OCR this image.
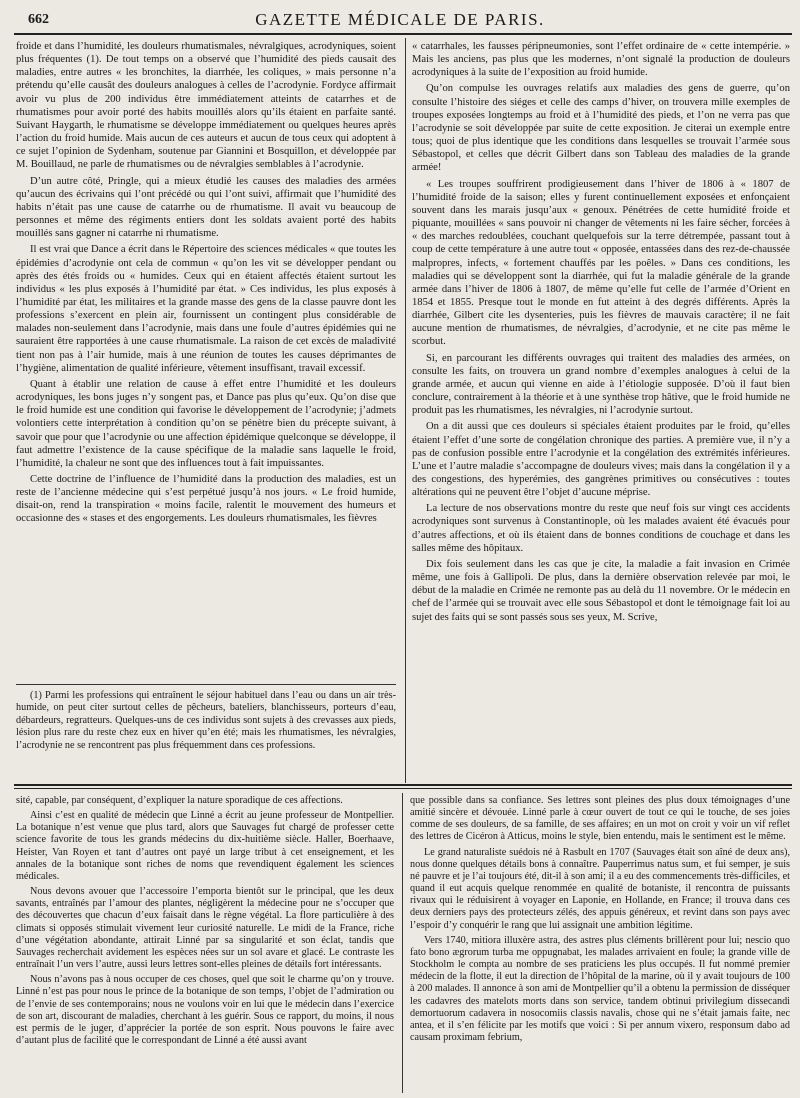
662	GAZETTE MÉDICALE DE PARIS.

froide et dans l’humidité, les douleurs rhumatismales, névralgiques, acrodyniques, soient plus fréquentes (1). De tout temps on a observé que l’humidité des pieds causait des maladies, entre autres « les bronchites, la diarrhée, les coliques, » mais personne n’a prétendu qu’elle causât des douleurs analogues à celles de l’acrodynie. Fordyce affirmait avoir vu plus de 200 individus être immédiatement atteints de catarrhes et de rhumatismes pour avoir porté des habits mouillés alors qu’ils étaient en parfaite santé. Suivant Haygarth, le rhumatisme se développe immédiatement ou quelques heures après l’action du froid humide. Mais aucun de ces auteurs et aucun de tous ceux qui adoptent à ce sujet l’opinion de Sydenham, soutenue par Giannini et Bosquillon, et développée par M. Bouillaud, ne parle de rhumatismes ou de névralgies semblables à l’acrodynie.

D’un autre côté, Pringle, qui a mieux étudié les causes des maladies des armées qu’aucun des écrivains qui l’ont précédé ou qui l’ont suivi, affirmait que l’humidité des habits n’était pas une cause de catarrhe ou de rhumatisme. Il avait vu beaucoup de personnes et même des régiments entiers dont les soldats avaient porté des habits mouillés sans gagner ni catarrhe ni rhumatisme.

Il est vrai que Dance a écrit dans le Répertoire des sciences médicales « que toutes les épidémies d’acrodynie ont cela de commun « qu’on les vit se développer pendant ou après des étés froids ou « humides. Ceux qui en étaient affectés étaient surtout les individus « les plus exposés à l’humidité par état. » Ces individus, les plus exposés à l’humidité par état, les militaires et la grande masse des gens de la classe pauvre dont les professions s’exercent en plein air, fournissent un contingent plus considérable de malades non-seulement dans l’acrodynie, mais dans une foule d’autres épidémies qui ne sauraient être rapportées à une cause rhumatismale. La raison de cet excès de maladivité tient non pas à l’air humide, mais à une réunion de toutes les causes déprimantes de l’hygiène, alimentation de qualité inférieure, vêtement insuffisant, travail excessif.

Quant à établir une relation de cause à effet entre l’humidité et les douleurs acrodyniques, les bons juges n’y songent pas, et Dance pas plus qu’eux. Qu’on dise que le froid humide est une condition qui favorise le développement de l’acrodynie; j’admets volontiers cette interprétation à condition qu’on se pénètre bien du précepte suivant, à savoir que pour que l’acrodynie ou une affection épidémique quelconque se développe, il faut admettre l’existence de la cause spécifique de la maladie sans laquelle le froid, l’humidité, la chaleur ne sont que des influences tout à fait impuissantes.

Cette doctrine de l’influence de l’humidité dans la production des maladies, est un reste de l’ancienne médecine qui s’est perpétué jusqu’à nos jours. « Le froid humide, disait-on, rend la transpiration « moins facile, ralentit le mouvement des humeurs et occasionne des « stases et des engorgements. Les douleurs rhumatismales, les fièvres

« catarrhales, les fausses péripneumonies, sont l’effet ordinaire de « cette intempérie. » Mais les anciens, pas plus que les modernes, n’ont signalé la production de douleurs acrodyniques à la suite de l’exposition au froid humide.

Qu’on compulse les ouvrages relatifs aux maladies des gens de guerre, qu’on consulte l’histoire des siéges et celle des camps d’hiver, on trouvera mille exemples de troupes exposées longtemps au froid et à l’humidité des pieds, et l’on ne verra pas que l’acrodynie se soit développée par suite de cette exposition. Je citerai un exemple entre tous; quoi de plus identique que les conditions dans lesquelles se trouvait l’armée sous Sébastopol, et celles que décrit Gilbert dans son Tableau des maladies de la grande armée!

« Les troupes souffrirent prodigieusement dans l’hiver de 1806 à « 1807 de l’humidité froide de la saison; elles y furent continuellement exposées et enfonçaient souvent dans les marais jusqu’aux « genoux. Pénétrées de cette humidité froide et piquante, mouillées « sans pouvoir ni changer de vêtements ni les faire sécher, forcées à « des marches redoublées, couchant quelquefois sur la terre détrempée, passant tout à coup de cette température à une autre tout « opposée, entassées dans des rez-de-chaussée malpropres, infects, « fortement chauffés par les poêles. » Dans ces conditions, les maladies qui se développent sont la diarrhée, qui fut la maladie générale de la grande armée dans l’hiver de 1806 à 1807, de même qu’elle fut celle de l’armée d’Orient en 1854 et 1855. Presque tout le monde en fut atteint à des degrés différents. Après la diarrhée, Gilbert cite les dysenteries, puis les fièvres de mauvais caractère; il ne fait aucune mention de rhumatismes, de névralgies, d’acrodynie, et ne cite pas même le scorbut.

Si, en parcourant les différents ouvrages qui traitent des maladies des armées, on consulte les faits, on trouvera un grand nombre d’exemples analogues à celui de la grande armée, et aucun qui vienne en aide à l’étiologie supposée. D’où il faut bien conclure, contrairement à la théorie et à une synthèse trop hâtive, que le froid humide ne produit pas les rhumatismes, les névralgies, ni l’acrodynie surtout.

On a dit aussi que ces douleurs si spéciales étaient produites par le froid, qu’elles étaient l’effet d’une sorte de congélation chronique des parties. A première vue, il n’y a pas de confusion possible entre l’acrodynie et la congélation des extrémités inférieures. L’une et l’autre maladie s’accompagne de douleurs vives; mais dans la congélation il y a des congestions, des hyperémies, des gangrènes primitives ou consécutives : toutes altérations qui ne peuvent être l’objet d’aucune méprise.

La lecture de nos observations montre du reste que neuf fois sur vingt ces accidents acrodyniques sont survenus à Constantinople, où les malades avaient été évacués pour d’autres affections, et où ils étaient dans de bonnes conditions de couchage et dans les salles même des hôpitaux.

Dix fois seulement dans les cas que je cite, la maladie a fait invasion en Crimée même, une fois à Gallipoli. De plus, dans la dernière observation relevée par moi, le début de la maladie en Crimée ne remonte pas au delà du 11 novembre. Or le médecin en chef de l’armée qui se trouvait avec elle sous Sébastopol et dont le témoignage fait loi au sujet des faits qui se sont passés sous ses yeux, M. Scrive,

(1) Parmi les professions qui entraînent le séjour habituel dans l’eau ou dans un air très-humide, on peut citer surtout celles de pêcheurs, bateliers, blanchisseurs, porteurs d’eau, débardeurs, regratteurs. Quelques-uns de ces individus sont sujets à des crevasses aux pieds, lésion plus rare du reste chez eux en hiver qu’en été; mais les rhumatismes, les névralgies, l’acrodynie ne se rencontrent pas plus fréquemment dans ces professions.

sité, capable, par conséquent, d’expliquer la nature sporadique de ces affections.

Ainsi c’est en qualité de médecin que Linné a écrit au jeune professeur de Montpellier. La botanique n’est venue que plus tard, alors que Sauvages fut chargé de professer cette science favorite de tous les grands médecins du dix-huitième siècle. Haller, Boerhaave, Heister, Van Royen et tant d’autres ont payé un large tribut à cet enseignement, et les annales de la botanique sont riches de noms que revendiquent également les sciences médicales.

Nous devons avouer que l’accessoire l’emporta bientôt sur le principal, que les deux savants, entraînés par l’amour des plantes, négligèrent la médecine pour ne s’occuper que des découvertes que chacun d’eux faisait dans le règne végétal. La flore particulière à des climats si opposés stimulait vivement leur curiosité naturelle. Le midi de la France, riche d’une végétation abondante, attirait Linné par sa singularité et son éclat, tandis que Sauvages recherchait avidement les espèces nées sur un sol avare et glacé. Le contraste les entraînait l’un vers l’autre, aussi leurs lettres sont-elles pleines de détails fort intéressants.

Nous n’avons pas à nous occuper de ces choses, quel que soit le charme qu’on y trouve. Linné n’est pas pour nous le prince de la botanique de son temps, l’objet de l’admiration ou de l’envie de ses contemporains; nous ne voulons voir en lui que le médecin dans l’exercice de son art, discourant de maladies, cherchant à les guérir. Sous ce rapport, du moins, il nous est permis de le juger, d’apprécier la portée de son esprit. Nous pouvons le faire avec d’autant plus de facilité que le correspondant de Linné a été aussi avant

que possible dans sa confiance. Ses lettres sont pleines des plus doux témoignages d’une amitié sincère et dévouée. Linné parle à cœur ouvert de tout ce qui le touche, de ses joies comme de ses douleurs, de sa famille, de ses affaires; en un mot on croit y voir un vif reflet des lettres de Cicéron à Atticus, moins le style, bien entendu, mais le sentiment est le même.

Le grand naturaliste suédois né à Rasbult en 1707 (Sauvages était son aîné de deux ans), nous donne quelques détails bons à connaître. Pauperrimus natus sum, et fui semper, je suis né pauvre et je l’ai toujours été, dit-il à son ami; il a eu des commencements très-difficiles, et quand il eut acquis quelque renommée en qualité de botaniste, il rencontra de puissants rivaux qui le réduisirent à voyager en Laponie, en Hollande, en France; il trouva dans ces deux derniers pays des protecteurs zélés, des appuis généreux, et revint dans son pays avec l’espoir d’y conquérir le rang que lui assignait une ambition légitime.

Vers 1740, mitiora illuxère astra, des astres plus cléments brillèrent pour lui; nescio quo fato bono ægrorum turba me oppugnabat, les malades arrivaient en foule; la grande ville de Stockholm le compta au nombre de ses praticiens les plus occupés. Il fut nommé premier médecin de la flotte, il eut la direction de l’hôpital de la marine, où il y avait toujours de 100 à 200 malades. Il annonce à son ami de Montpellier qu’il a obtenu la permission de disséquer les cadavres des matelots morts dans son service, tandem obtinui privilegium dissecandi demortuorum cadavera in nosocomiis classis navalis, chose qui ne s’était jamais faite, nec antea, et il s’en félicite par les motifs que voici : Si per annum vixero, responsum dabo ad causam proximam febrium,
